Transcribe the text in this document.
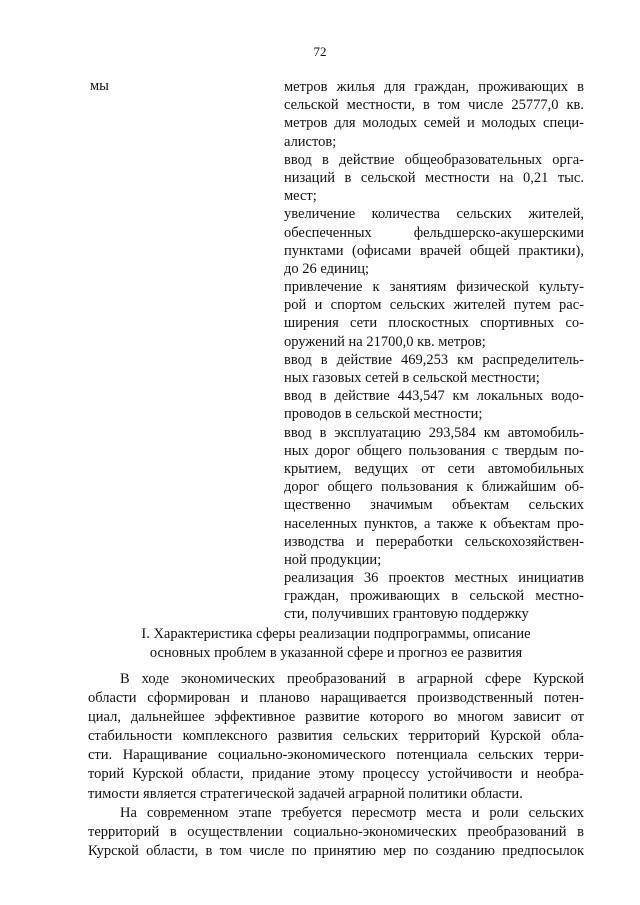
72
мы	метров жилья для граждан, проживающих в
сельской местности, в том числе 25777,0 кв.
метров для молодых семей и молодых специ-
алистов;
ввод в действие общеобразовательных орга-
низаций в сельской местности на 0,21 тыс.
мест;
увеличение количества сельских жителей,
обеспеченных фельдшерско-акушерскими
пунктами (офисами врачей общей практики),
до 26 единиц;
привлечение к занятиям физической культу-
рой и спортом сельских жителей путем рас-
ширения сети плоскостных спортивных со-
оружений на 21700,0 кв. метров;
ввод в действие 469,253 км распределитель-
ных газовых сетей в сельской местности;
ввод в действие 443,547 км локальных водо-
проводов в сельской местности;
ввод в эксплуатацию 293,584 км автомобиль-
ных дорог общего пользования с твердым по-
крытием, ведущих от сети автомобильных
дорог общего пользования к ближайшим об-
щественно значимым объектам сельских
населенных пунктов, а также к объектам про-
изводства и переработки сельскохозяйствен-
ной продукции;
реализация 36 проектов местных инициатив
граждан, проживающих в сельской местно-
сти, получивших грантовую поддержку
I. Характеристика сферы реализации подпрограммы, описание
основных проблем в указанной сфере и прогноз ее развития
В ходе экономических преобразований в аграрной сфере Курской
области сформирован и планово наращивается производственный потен-
циал, дальнейшее эффективное развитие которого во многом зависит от
стабильности комплексного развития сельских территорий Курской обла-
сти. Наращивание социально-экономического потенциала сельских терри-
торий Курской области, придание этому процессу устойчивости и необра-
тимости является стратегической задачей аграрной политики области.
На современном этапе требуется пересмотр места и роли сельских
территорий в осуществлении социально-экономических преобразований в
Курской области, в том числе по принятию мер по созданию предпосылок
